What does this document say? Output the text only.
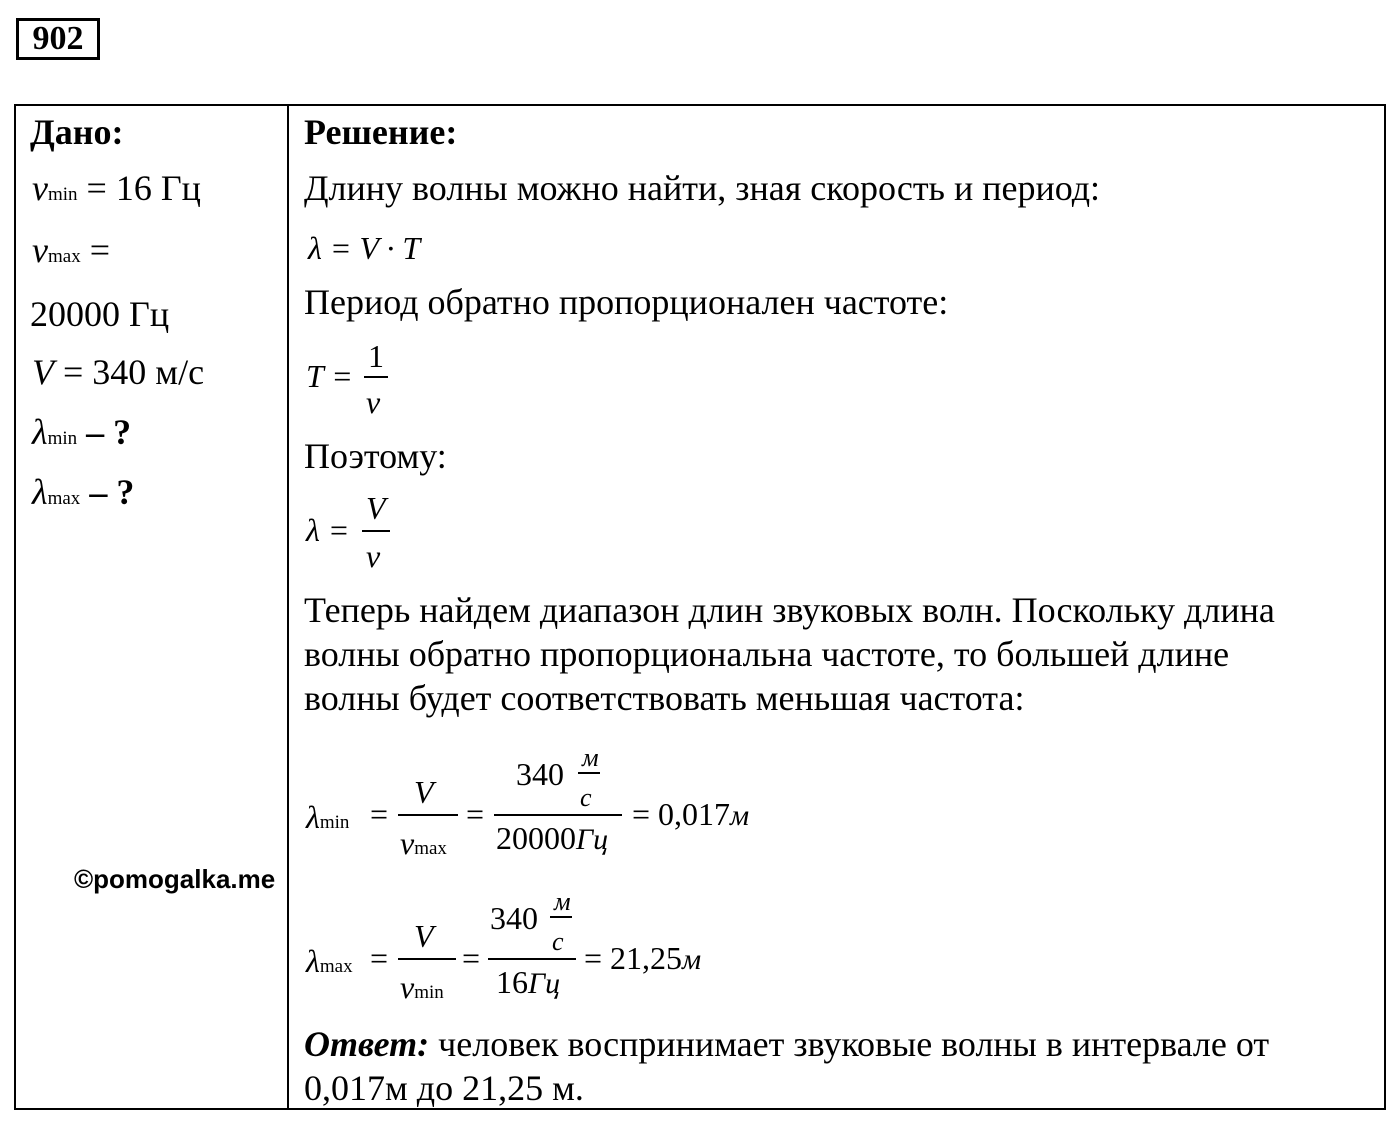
902
Дано:
νmin = 16 Гц
νmax =
20000 Гц
V = 340 м/с
λmin – ?
λmax – ?
©pomogalka.me
Решение:
Длину волны можно найти, зная скорость и период:
λ = V · T
Период обратно пропорционален частоте:
T =
1
ν
Поэтому:
λ =
V
ν
Теперь найдем диапазон длин звуковых волн. Поскольку длина
волны обратно пропорциональна частоте, то большей длине
волны будет соответствовать меньшая частота:
λmin =
V
νmax
=
340 м
с
20000Гц
= 0,017м
λmax =
V
νmin
=
340 м
с
16Гц
= 21,25м
Ответ: человек воспринимает звуковые волны в интервале от
0,017м до 21,25 м.
